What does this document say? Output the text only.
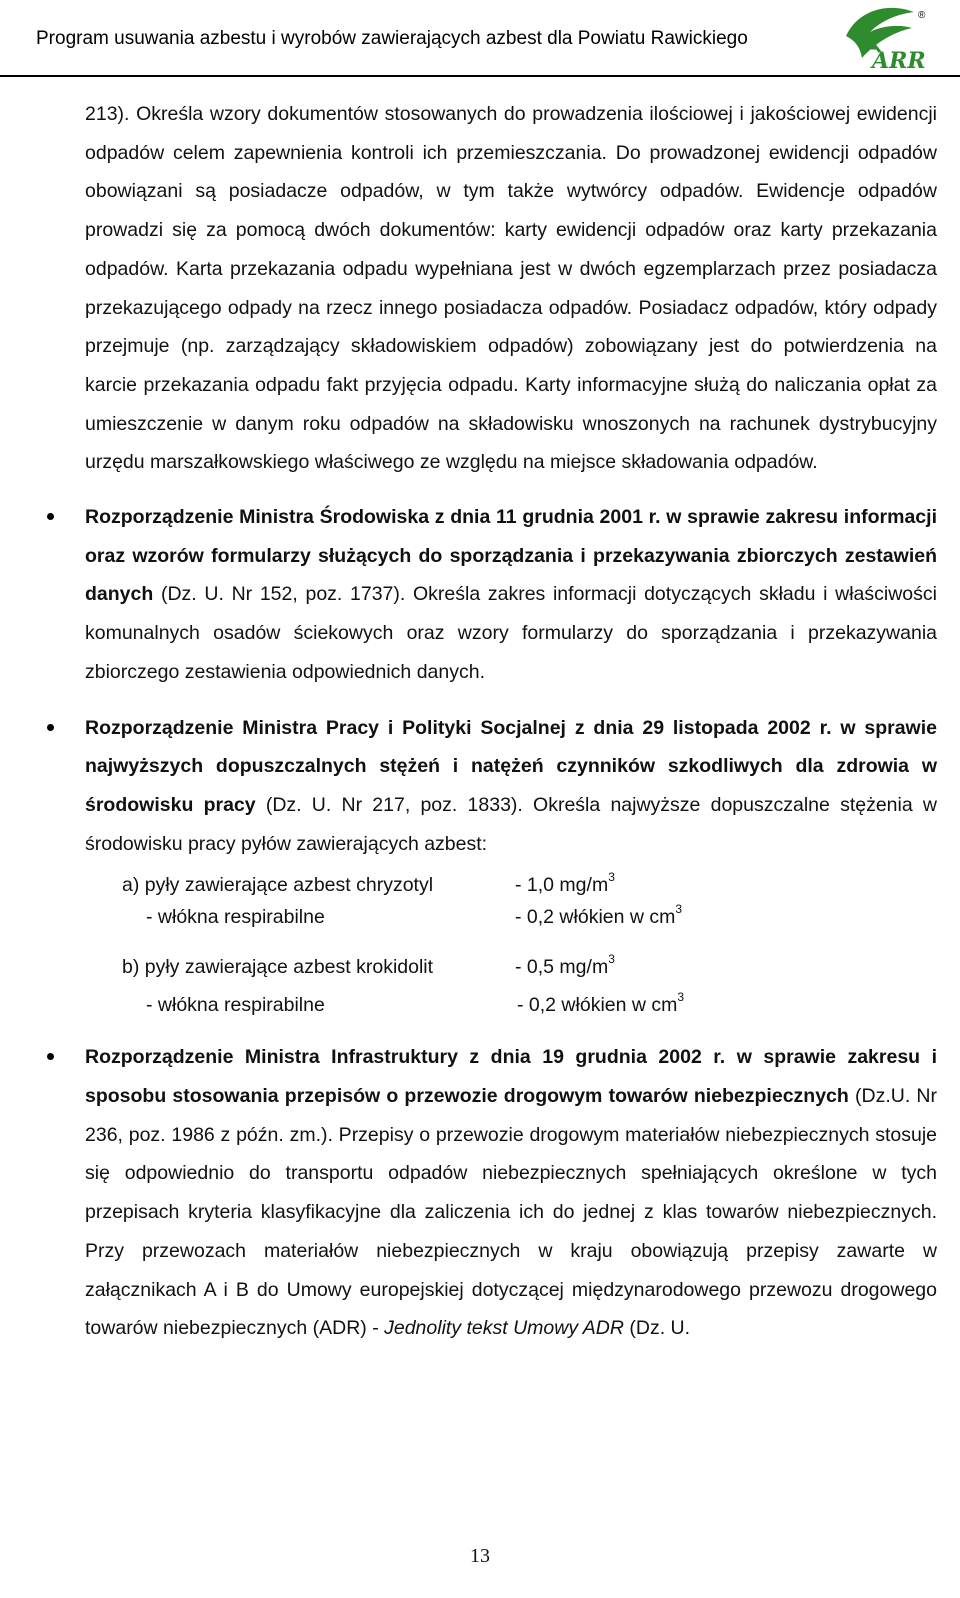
Program usuwania azbestu i wyrobów zawierających azbest dla Powiatu Rawickiego
ARR
®

213). Określa wzory dokumentów stosowanych do prowadzenia ilościowej i jakościowej ewidencji odpadów celem zapewnienia kontroli ich przemieszczania. Do prowadzonej ewidencji odpadów obowiązani są posiadacze odpadów, w tym także wytwórcy odpadów. Ewidencje odpadów prowadzi się za pomocą dwóch dokumentów: karty ewidencji odpadów oraz karty przekazania odpadów. Karta przekazania odpadu wypełniana jest w dwóch egzemplarzach przez posiadacza przekazującego odpady na rzecz innego posiadacza odpadów. Posiadacz odpadów, który odpady przejmuje (np. zarządzający składowiskiem odpadów) zobowiązany jest do potwierdzenia na karcie przekazania odpadu fakt przyjęcia odpadu. Karty informacyjne służą do naliczania opłat za umieszczenie w danym roku odpadów na składowisku wnoszonych na rachunek dystrybucyjny urzędu marszałkowskiego właściwego ze względu na miejsce składowania odpadów.

Rozporządzenie Ministra Środowiska z dnia 11 grudnia 2001 r. w sprawie zakresu informacji oraz wzorów formularzy służących do sporządzania i przekazywania zbiorczych zestawień danych (Dz. U. Nr 152, poz. 1737). Określa zakres informacji dotyczących składu i właściwości komunalnych osadów ściekowych oraz wzory formularzy do sporządzania i przekazywania zbiorczego zestawienia odpowiednich danych.

Rozporządzenie Ministra Pracy i Polityki Socjalnej z dnia 29 listopada 2002 r. w sprawie najwyższych dopuszczalnych stężeń i natężeń czynników szkodliwych dla zdrowia w środowisku pracy (Dz. U. Nr 217, poz. 1833). Określa najwyższe dopuszczalne stężenia w środowisku pracy pyłów zawierających azbest:

a) pyły zawierające azbest chryzotyl	- 1,0 $mg/m^3$
- włókna respirabilne	- 0,2 włókien w $cm^3$
b) pyły zawierające azbest krokidolit	- 0,5 $mg/m^3$
- włókna respirabilne	- 0,2 włókien w $cm^3$

Rozporządzenie Ministra Infrastruktury z dnia 19 grudnia 2002 r. w sprawie zakresu i sposobu stosowania przepisów o przewozie drogowym towarów niebezpiecznych (Dz.U. Nr 236, poz. 1986 z późn. zm.). Przepisy o przewozie drogowym materiałów niebezpiecznych stosuje się odpowiednio do transportu odpadów niebezpiecznych spełniających określone w tych przepisach kryteria klasyfikacyjne dla zaliczenia ich do jednej z klas towarów niebezpiecznych. Przy przewozach materiałów niebezpiecznych w kraju obowiązują przepisy zawarte w załącznikach A i B do Umowy europejskiej dotyczącej międzynarodowego przewozu drogowego towarów niebezpiecznych (ADR) - Jednolity tekst Umowy ADR (Dz. U.

13
